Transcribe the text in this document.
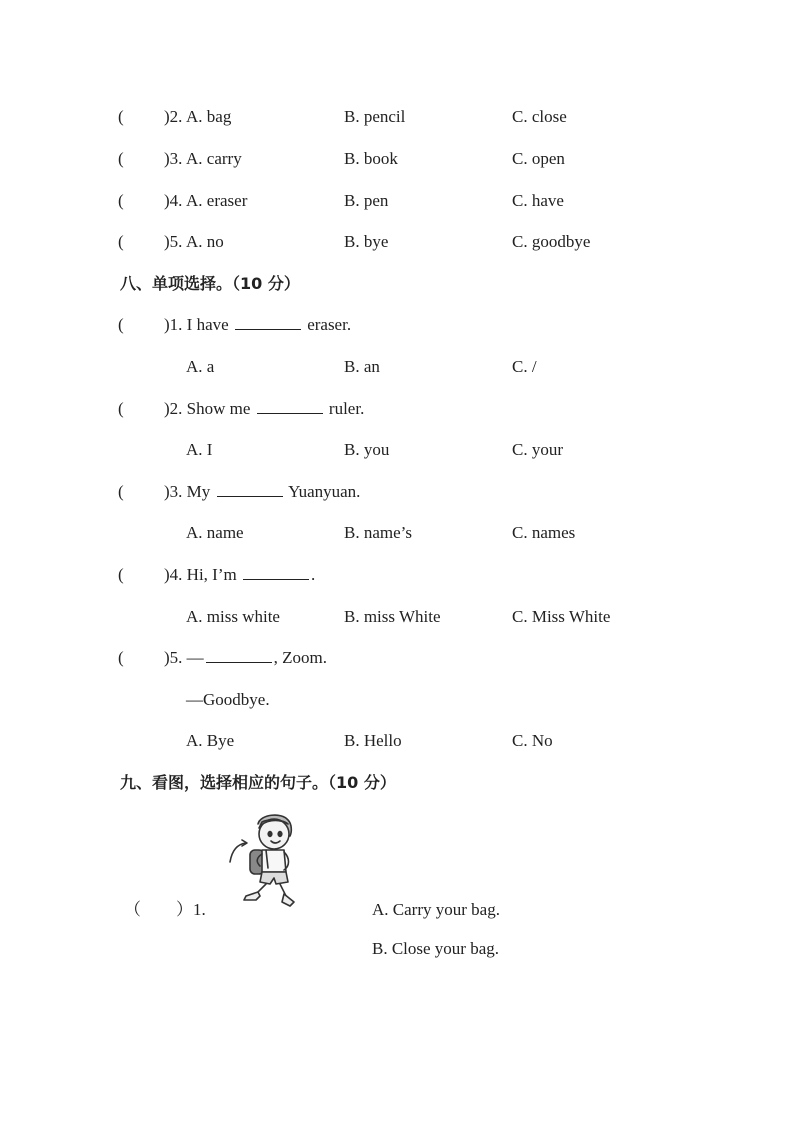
( )2. A. bag	B. pencil	C. close
( )3. A. carry	B. book	C. open
( )4. A. eraser	B. pen	C. have
( )5. A. no	B. bye	C. goodbye
八、单项选择。（10 分）
( )1. I have	eraser.
A. a	B. an	C. /
( )2. Show me	ruler.
A. I	B. you	C. your
( )3. My	Yuanyuan.
A. name	B. name’s	C. names
( )4. Hi, I’m	.
A. miss white	B. miss White	C. Miss White
( )5. —	, Zoom.
—Goodbye.
A. Bye	B. Hello	C. No
九、看图，选择相应的句子。（10 分）
（ ）1.	A. Carry your bag.
B. Close your bag.
